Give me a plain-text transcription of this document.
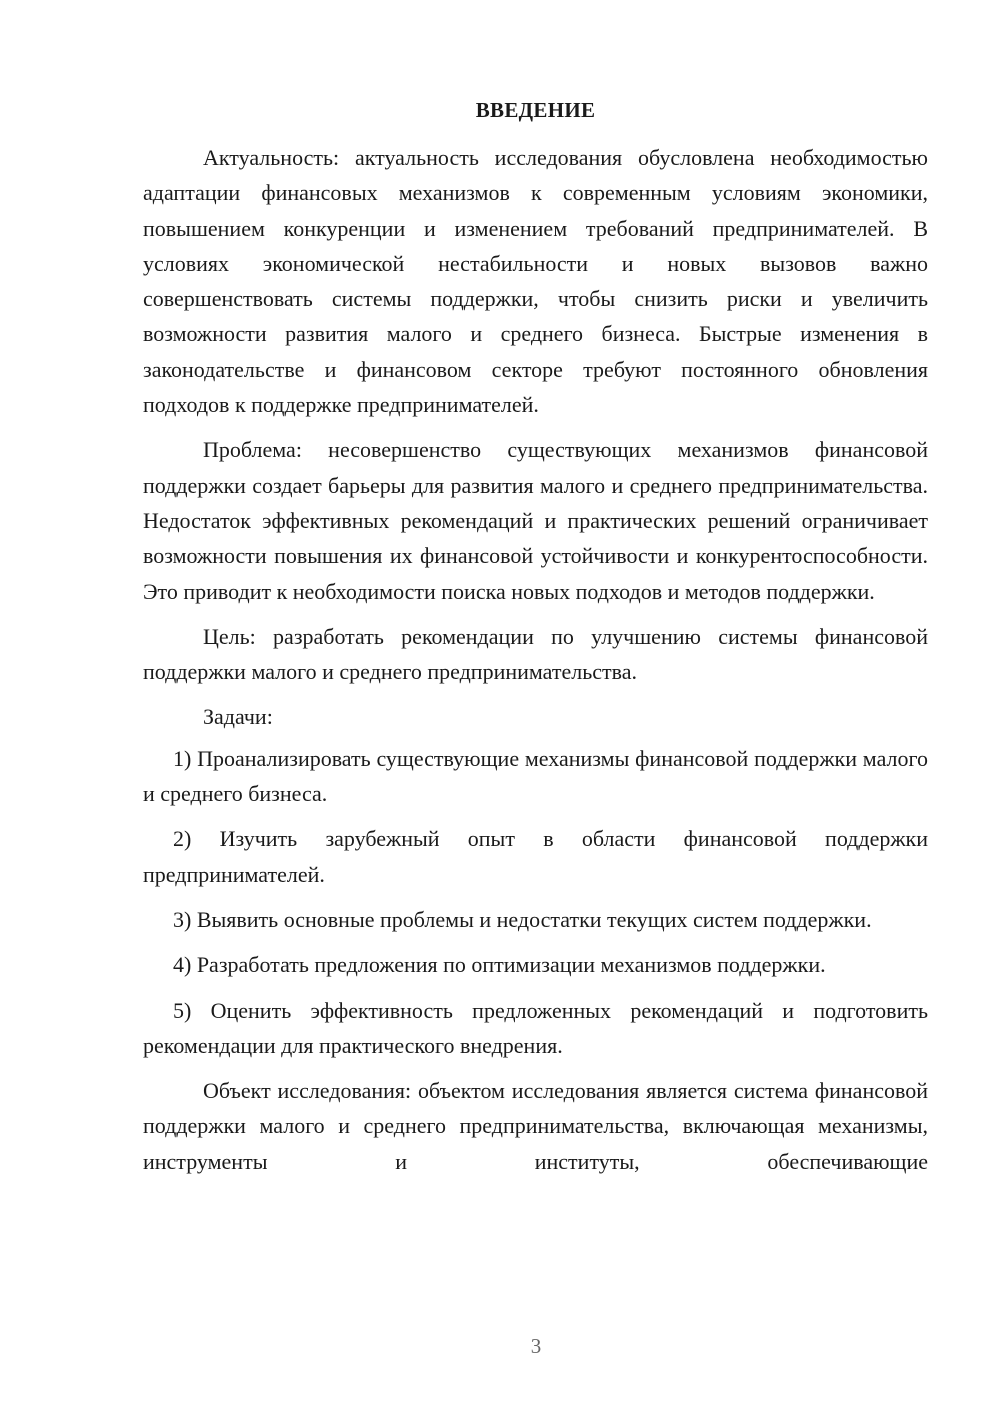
ВВЕДЕНИЕ

Актуальность: актуальность исследования обусловлена необходимостью адаптации финансовых механизмов к современным условиям экономики, повышением конкуренции и изменением требований предпринимателей. В условиях экономической нестабильности и новых вызовов важно совершенствовать системы поддержки, чтобы снизить риски и увеличить возможности развития малого и среднего бизнеса. Быстрые изменения в законодательстве и финансовом секторе требуют постоянного обновления подходов к поддержке предпринимателей.

Проблема: несовершенство существующих механизмов финансовой поддержки создает барьеры для развития малого и среднего предпринимательства. Недостаток эффективных рекомендаций и практических решений ограничивает возможности повышения их финансовой устойчивости и конкурентоспособности. Это приводит к необходимости поиска новых подходов и методов поддержки.

Цель: разработать рекомендации по улучшению системы финансовой поддержки малого и среднего предпринимательства.

Задачи:

1) Проанализировать существующие механизмы финансовой поддержки малого и среднего бизнеса.

2) Изучить зарубежный опыт в области финансовой поддержки предпринимателей.

3) Выявить основные проблемы и недостатки текущих систем поддержки.

4) Разработать предложения по оптимизации механизмов поддержки.

5) Оценить эффективность предложенных рекомендаций и подготовить рекомендации для практического внедрения.

Объект исследования: объектом исследования является система финансовой поддержки малого и среднего предпринимательства, включающая механизмы, инструменты и институты, обеспечивающие

3
